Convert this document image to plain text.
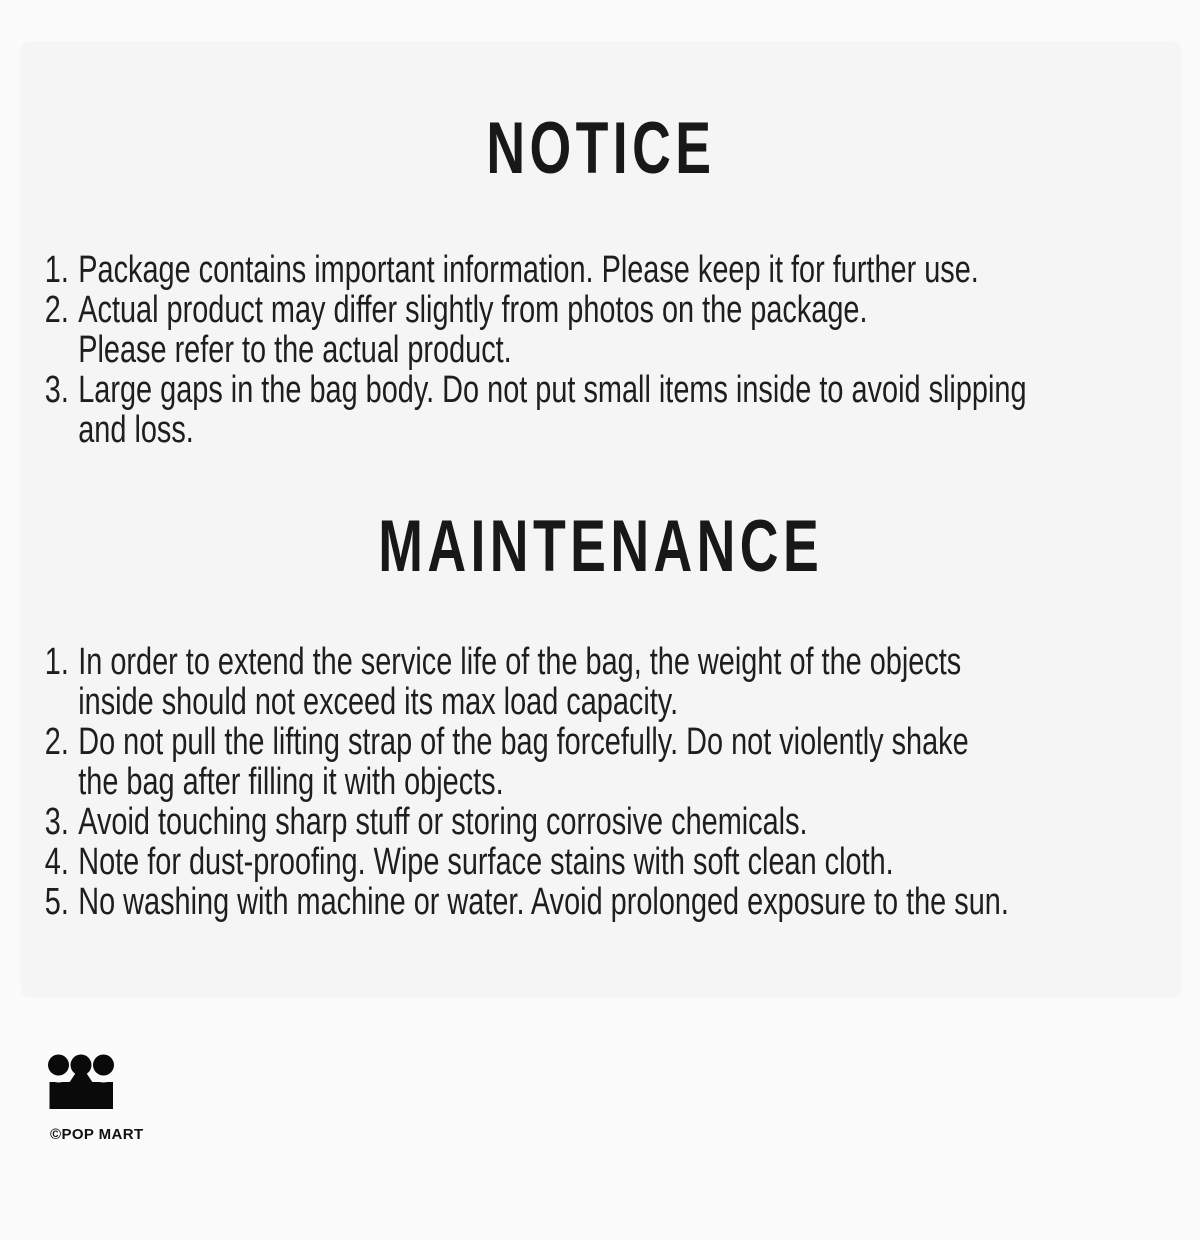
NOTICE
1. Package contains important information. Please keep it for further use.
2. Actual product may differ slightly from photos on the package.
Please refer to the actual product.
3. Large gaps in the bag body. Do not put small items inside to avoid slipping
and loss.
MAINTENANCE
1. In order to extend the service life of the bag, the weight of the objects
inside should not exceed its max load capacity.
2. Do not pull the lifting strap of the bag forcefully. Do not violently shake
the bag after filling it with objects.
3. Avoid touching sharp stuff or storing corrosive chemicals.
4. Note for dust-proofing. Wipe surface stains with soft clean cloth.
5. No washing with machine or water. Avoid prolonged exposure to the sun.
©POP MART
